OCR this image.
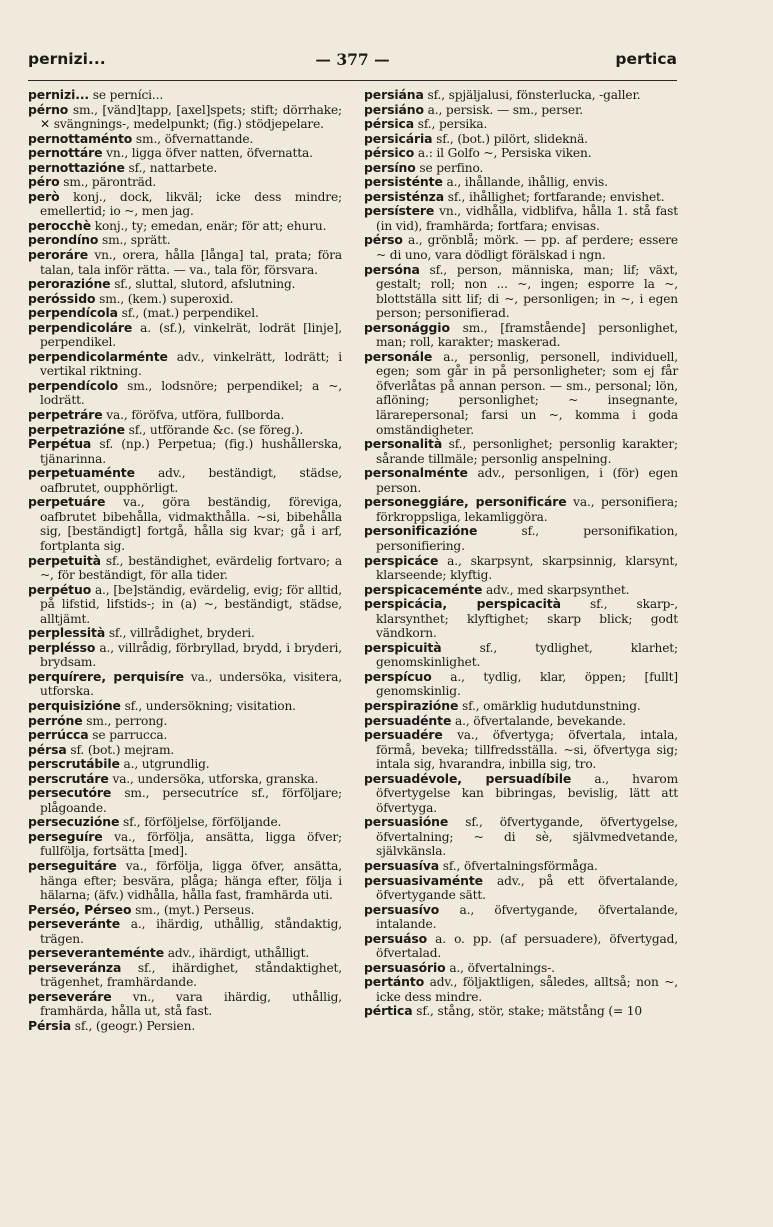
pernizi...	— 377 —	pertica

pernizi... se perníci...

pérno sm., [vänd]tapp, [axel]spets; stift; dörrhake; ✕ svängnings-, medelpunkt; (fig.) stödjepelare.

pernottaménto sm., öfvernattande.

pernottáre vn., ligga öfver natten, öfvernatta.

pernottazióne sf., nattarbete.

péro sm., päronträd.

però konj., dock, likväl; icke dess mindre; emellertid; io ~, men jag.

perocchè konj., ty; emedan, enär; för att; ehuru.

perondíno sm., sprätt.

peroráre vn., orera, hålla [långa] tal, prata; föra talan, tala inför rätta. — va., tala för, försvara.

perorazióne sf., sluttal, slutord, afslutning.

peróssido sm., (kem.) superoxid.

perpendícola sf., (mat.) perpendikel.

perpendicoláre a. (sf.), vinkelrät, lodrät [linje], perpendikel.

perpendicolarménte adv., vinkelrätt, lodrätt; i vertikal riktning.

perpendícolo sm., lodsnöre; perpendikel; a ~, lodrätt.

perpetráre va., föröfva, utföra, fullborda.

perpetrazióne sf., utförande &c. (se föreg.).

Perpétua sf. (np.) Perpetua; (fig.) hushållerska, tjänarinna.

perpetuaménte adv., beständigt, städse, oafbrutet, oupphörligt.

perpetuáre va., göra beständig, föreviga, oafbrutet bibehålla, vidmakthålla. ~si, bibehålla sig, [beständigt] fortgå, hålla sig kvar; gå i arf, fortplanta sig.

perpetuità sf., beständighet, evärdelig fortvaro; a ~, för beständigt, för alla tider.

perpétuo a., [be]ständig, evärdelig, evig; för alltid, på lifstid, lifstids-; in (a) ~, beständigt, städse, alltjämt.

perplessità sf., villrådighet, bryderi.

perplésso a., villrådig, förbryllad, brydd, i bryderi, brydsam.

perquírere, perquisíre va., undersöka, visitera, utforska.

perquisizióne sf., undersökning; visitation.

perróne sm., perrong.

perrúcca se parrucca.

pérsa sf. (bot.) mejram.

perscrutábile a., utgrundlig.

perscrutáre va., undersöka, utforska, granska.

persecutóre sm., persecutríce sf., förföljare; plågoande.

persecuzióne sf., förföljelse, förföljande.

perseguíre va., förfölja, ansätta, ligga öfver; fullfölja, fortsätta [med].

perseguitáre va., förfölja, ligga öfver, ansätta, hänga efter; besvära, plåga; hänga efter, följa i hälarna; (äfv.) vidhålla, hålla fast, framhärda uti.

Perséo, Pérseo sm., (myt.) Perseus.

perseveránte a., ihärdig, uthållig, ståndaktig, trägen.

perseveranteménte adv., ihärdigt, uthålligt.

perseveránza sf., ihärdighet, ståndaktighet, trägenhet, framhärdande.

perseveráre vn., vara ihärdig, uthållig, framhärda, hålla ut, stå fast.

Pérsia sf., (geogr.) Persien.

persiána sf., spjäljalusi, fönsterlucka, -galler.

persiáno a., persisk. — sm., perser.

pérsica sf., persika.

persicária sf., (bot.) pilört, slideknä.

pérsico a.: il Golfo ~, Persiska viken.

persíno se perfino.

persisténte a., ihållande, ihållig, envis.

persisténza sf., ihållighet; fortfarande; envishet.

persístere vn., vidhålla, vidblifva, hålla 1. stå fast (in vid), framhärda; fortfara; envisas.

pérso a., grönblå; mörk. — pp. af perdere; essere ~ di uno, vara dödligt förälskad i ngn.

persóna sf., person, människa, man; lif; växt, gestalt; roll; non ... ~, ingen; esporre la ~, blottställa sitt lif; di ~, personligen; in ~, i egen person; personifierad.

personággio sm., [framstående] personlighet, man; roll, karakter; maskerad.

personále a., personlig, personell, individuell, egen; som går in på personligheter; som ej får öfverlåtas på annan person. — sm., personal; lön, aflöning; personlighet; ~ insegnante, lärarepersonal; farsi un ~, komma i goda omständigheter.

personalità sf., personlighet; personlig karakter; sårande tillmäle; personlig anspelning.

personalménte adv., personligen, i (för) egen person.

personeggiáre, personificáre va., personifiera; förkroppsliga, lekamliggöra.

personificazióne sf., personifikation, personifiering.

perspicáce a., skarpsynt, skarpsinnig, klarsynt, klarseende; klyftig.

perspicaceménte adv., med skarpsynthet.

perspicácia, perspicacità sf., skarp-, klarsynthet; klyftighet; skarp blick; godt vändkorn.

perspicuità sf., tydlighet, klarhet; genomskinlighet.

perspícuo a., tydlig, klar, öppen; [fullt] genomskinlig.

perspirazióne sf., omärklig hudutdunstning.

persuadénte a., öfvertalande, bevekande.

persuadére va., öfvertyga; öfvertala, intala, förmå, beveka; tillfredsställa. ~si, öfvertyga sig; intala sig, hvarandra, inbilla sig, tro.

persuadévole, persuadíbile a., hvarom öfvertygelse kan bibringas, bevislig, lätt att öfvertyga.

persuasióne sf., öfvertygande, öfvertygelse, öfvertalning; ~ di sè, självmedvetande, självkänsla.

persuasíva sf., öfvertalningsförmåga.

persuasivaménte adv., på ett öfvertalande, öfvertygande sätt.

persuasívo a., öfvertygande, öfvertalande, intalande.

persuáso a. o. pp. (af persuadere), öfvertygad, öfvertalad.

persuasório a., öfvertalnings-.

pertánto adv., följaktligen, således, alltså; non ~, icke dess mindre.

pértica sf., stång, stör, stake; mätstång (= 10
